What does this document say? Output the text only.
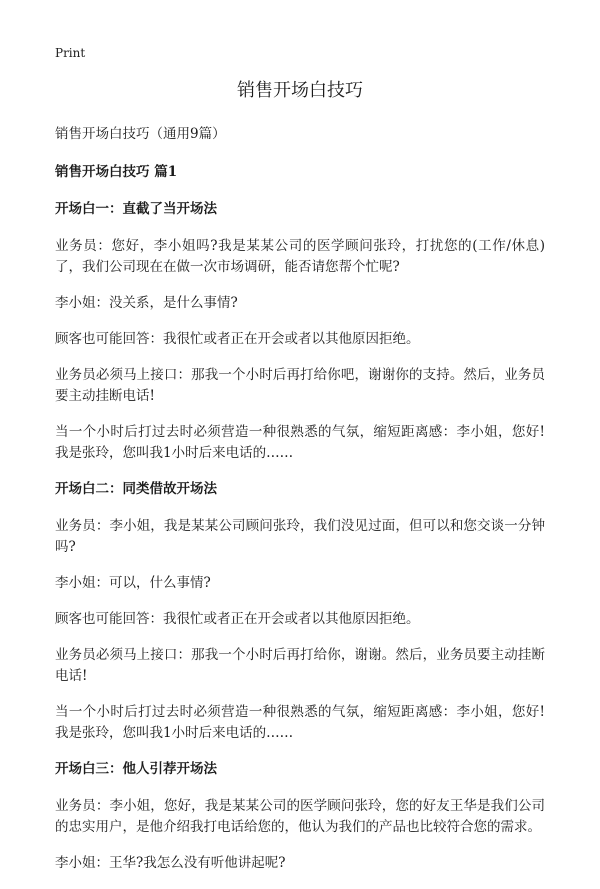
Print
销售开场白技巧

销售开场白技巧（通用9篇）

销售开场白技巧 篇1

开场白一：直截了当开场法

业务员：您好，李小姐吗?我是某某公司的医学顾问张玲，打扰您的(工作/休息)了，我们公司现在在做一次市场调研，能否请您帮个忙呢?

李小姐：没关系，是什么事情?

顾客也可能回答：我很忙或者正在开会或者以其他原因拒绝。

业务员必须马上接口：那我一个小时后再打给你吧，谢谢你的支持。然后，业务员要主动挂断电话!

当一个小时后打过去时必须营造一种很熟悉的气氛，缩短距离感：李小姐，您好!我是张玲，您叫我1小时后来电话的……

开场白二：同类借故开场法

业务员：李小姐，我是某某公司顾问张玲，我们没见过面，但可以和您交谈一分钟吗?

李小姐：可以，什么事情?

顾客也可能回答：我很忙或者正在开会或者以其他原因拒绝。

业务员必须马上接口：那我一个小时后再打给你，谢谢。然后，业务员要主动挂断电话!

当一个小时后打过去时必须营造一种很熟悉的气氛，缩短距离感：李小姐，您好!我是张玲，您叫我1小时后来电话的……

开场白三：他人引荐开场法

业务员：李小姐，您好，我是某某公司的医学顾问张玲，您的好友王华是我们公司的忠实用户，是他介绍我打电话给您的，他认为我们的产品也比较符合您的需求。

李小姐：王华?我怎么没有听他讲起呢?
